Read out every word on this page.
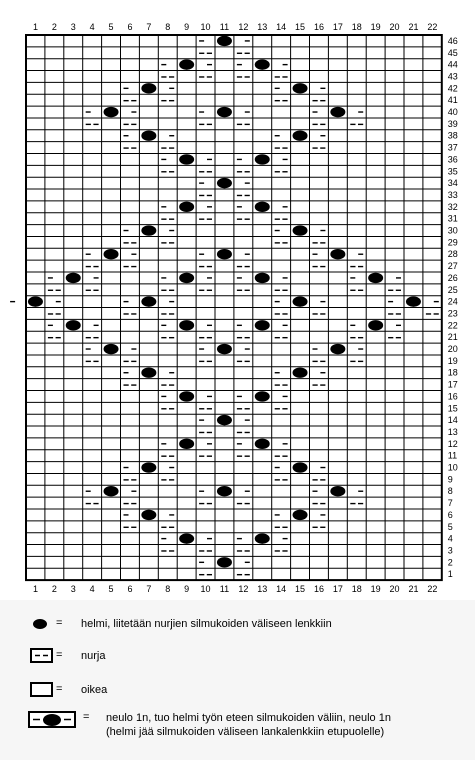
1
1
2
2
3
3
4
4
5
5
6
6
7
7
8
8
9
9
10
10
11
11
12
12
13
13
14
14
15
15
16
16
17
17
18
18
19
19
20
20
21
21
22
22
1
2
3
4
5
6
7
8
9
10
11
12
13
14
15
16
17
18
19
20
21
22
23
24
25
26
27
28
29
30
31
32
33
34
35
36
37
38
39
40
41
42
43
44
45
46
= helmi, liitetään nurjien silmukoiden väliseen lenkkiin
= nurja
= oikea
= neulo 1n, tuo helmi työn eteen silmukoiden väliin, neulo 1n
(helmi jää silmukoiden väliseen lankalenkkiin etupuolelle)
